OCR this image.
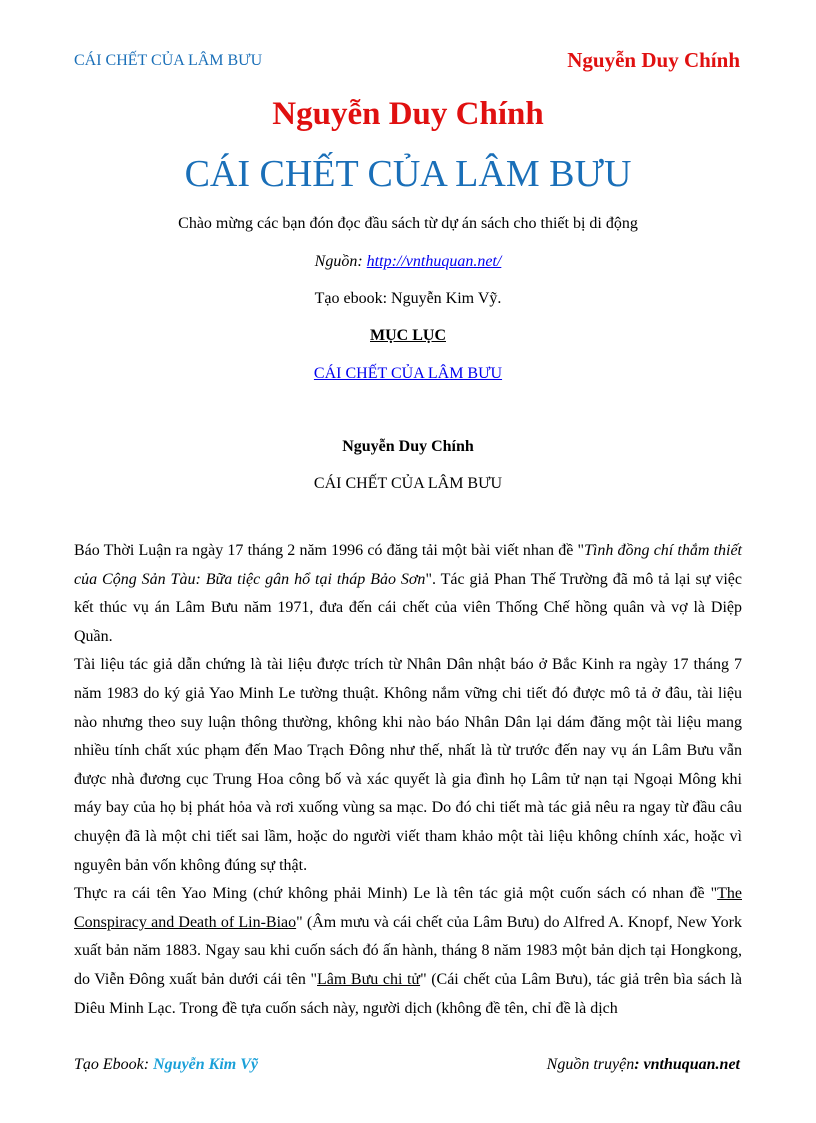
CÁI CHẾT CỦA LÂM BƯU	Nguyễn Duy Chính
Nguyễn Duy Chính
CÁI CHẾT CỦA LÂM BƯU
Chào mừng các bạn đón đọc đầu sách từ dự án sách cho thiết bị di động
Nguồn: http://vnthuquan.net/
Tạo ebook: Nguyễn Kim Vỹ.
MỤC LỤC
CÁI CHẾT CỦA LÂM BƯU
Nguyễn Duy Chính
CÁI CHẾT CỦA LÂM BƯU

Báo Thời Luận ra ngày 17 tháng 2 năm 1996 có đăng tải một bài viết nhan đề "Tình đồng chí thắm thiết của Cộng Sản Tàu: Bữa tiệc gân hổ tại tháp Bảo Sơn". Tác giả Phan Thế Trường đã mô tả lại sự việc kết thúc vụ án Lâm Bưu năm 1971, đưa đến cái chết của viên Thống Chế hồng quân và vợ là Diệp Quần.

Tài liệu tác giả dẫn chứng là tài liệu được trích từ Nhân Dân nhật báo ở Bắc Kinh ra ngày 17 tháng 7 năm 1983 do ký giả Yao Minh Le tường thuật. Không nắm vững chi tiết đó được mô tả ở đâu, tài liệu nào nhưng theo suy luận thông thường, không khi nào báo Nhân Dân lại dám đăng một tài liệu mang nhiều tính chất xúc phạm đến Mao Trạch Đông như thế, nhất là từ trước đến nay vụ án Lâm Bưu vẫn được nhà đương cục Trung Hoa công bố và xác quyết là gia đình họ Lâm tử nạn tại Ngoại Mông khi máy bay của họ bị phát hỏa và rơi xuống vùng sa mạc. Do đó chi tiết mà tác giả nêu ra ngay từ đầu câu chuyện đã là một chi tiết sai lầm, hoặc do người viết tham khảo một tài liệu không chính xác, hoặc vì nguyên bản vốn không đúng sự thật.

Thực ra cái tên Yao Ming (chứ không phải Minh) Le là tên tác giả một cuốn sách có nhan đề "The Conspiracy and Death of Lin-Biao" (Âm mưu và cái chết của Lâm Bưu) do Alfred A. Knopf, New York xuất bản năm 1883. Ngay sau khi cuốn sách đó ấn hành, tháng 8 năm 1983 một bản dịch tại Hongkong, do Viễn Đông xuất bản dưới cái tên "Lâm Bưu chi tử" (Cái chết của Lâm Bưu), tác giả trên bìa sách là Diêu Minh Lạc. Trong đề tựa cuốn sách này, người dịch (không đề tên, chỉ đề là dịch

Tạo Ebook: Nguyễn Kim Vỹ	Nguồn truyện: vnthuquan.net
